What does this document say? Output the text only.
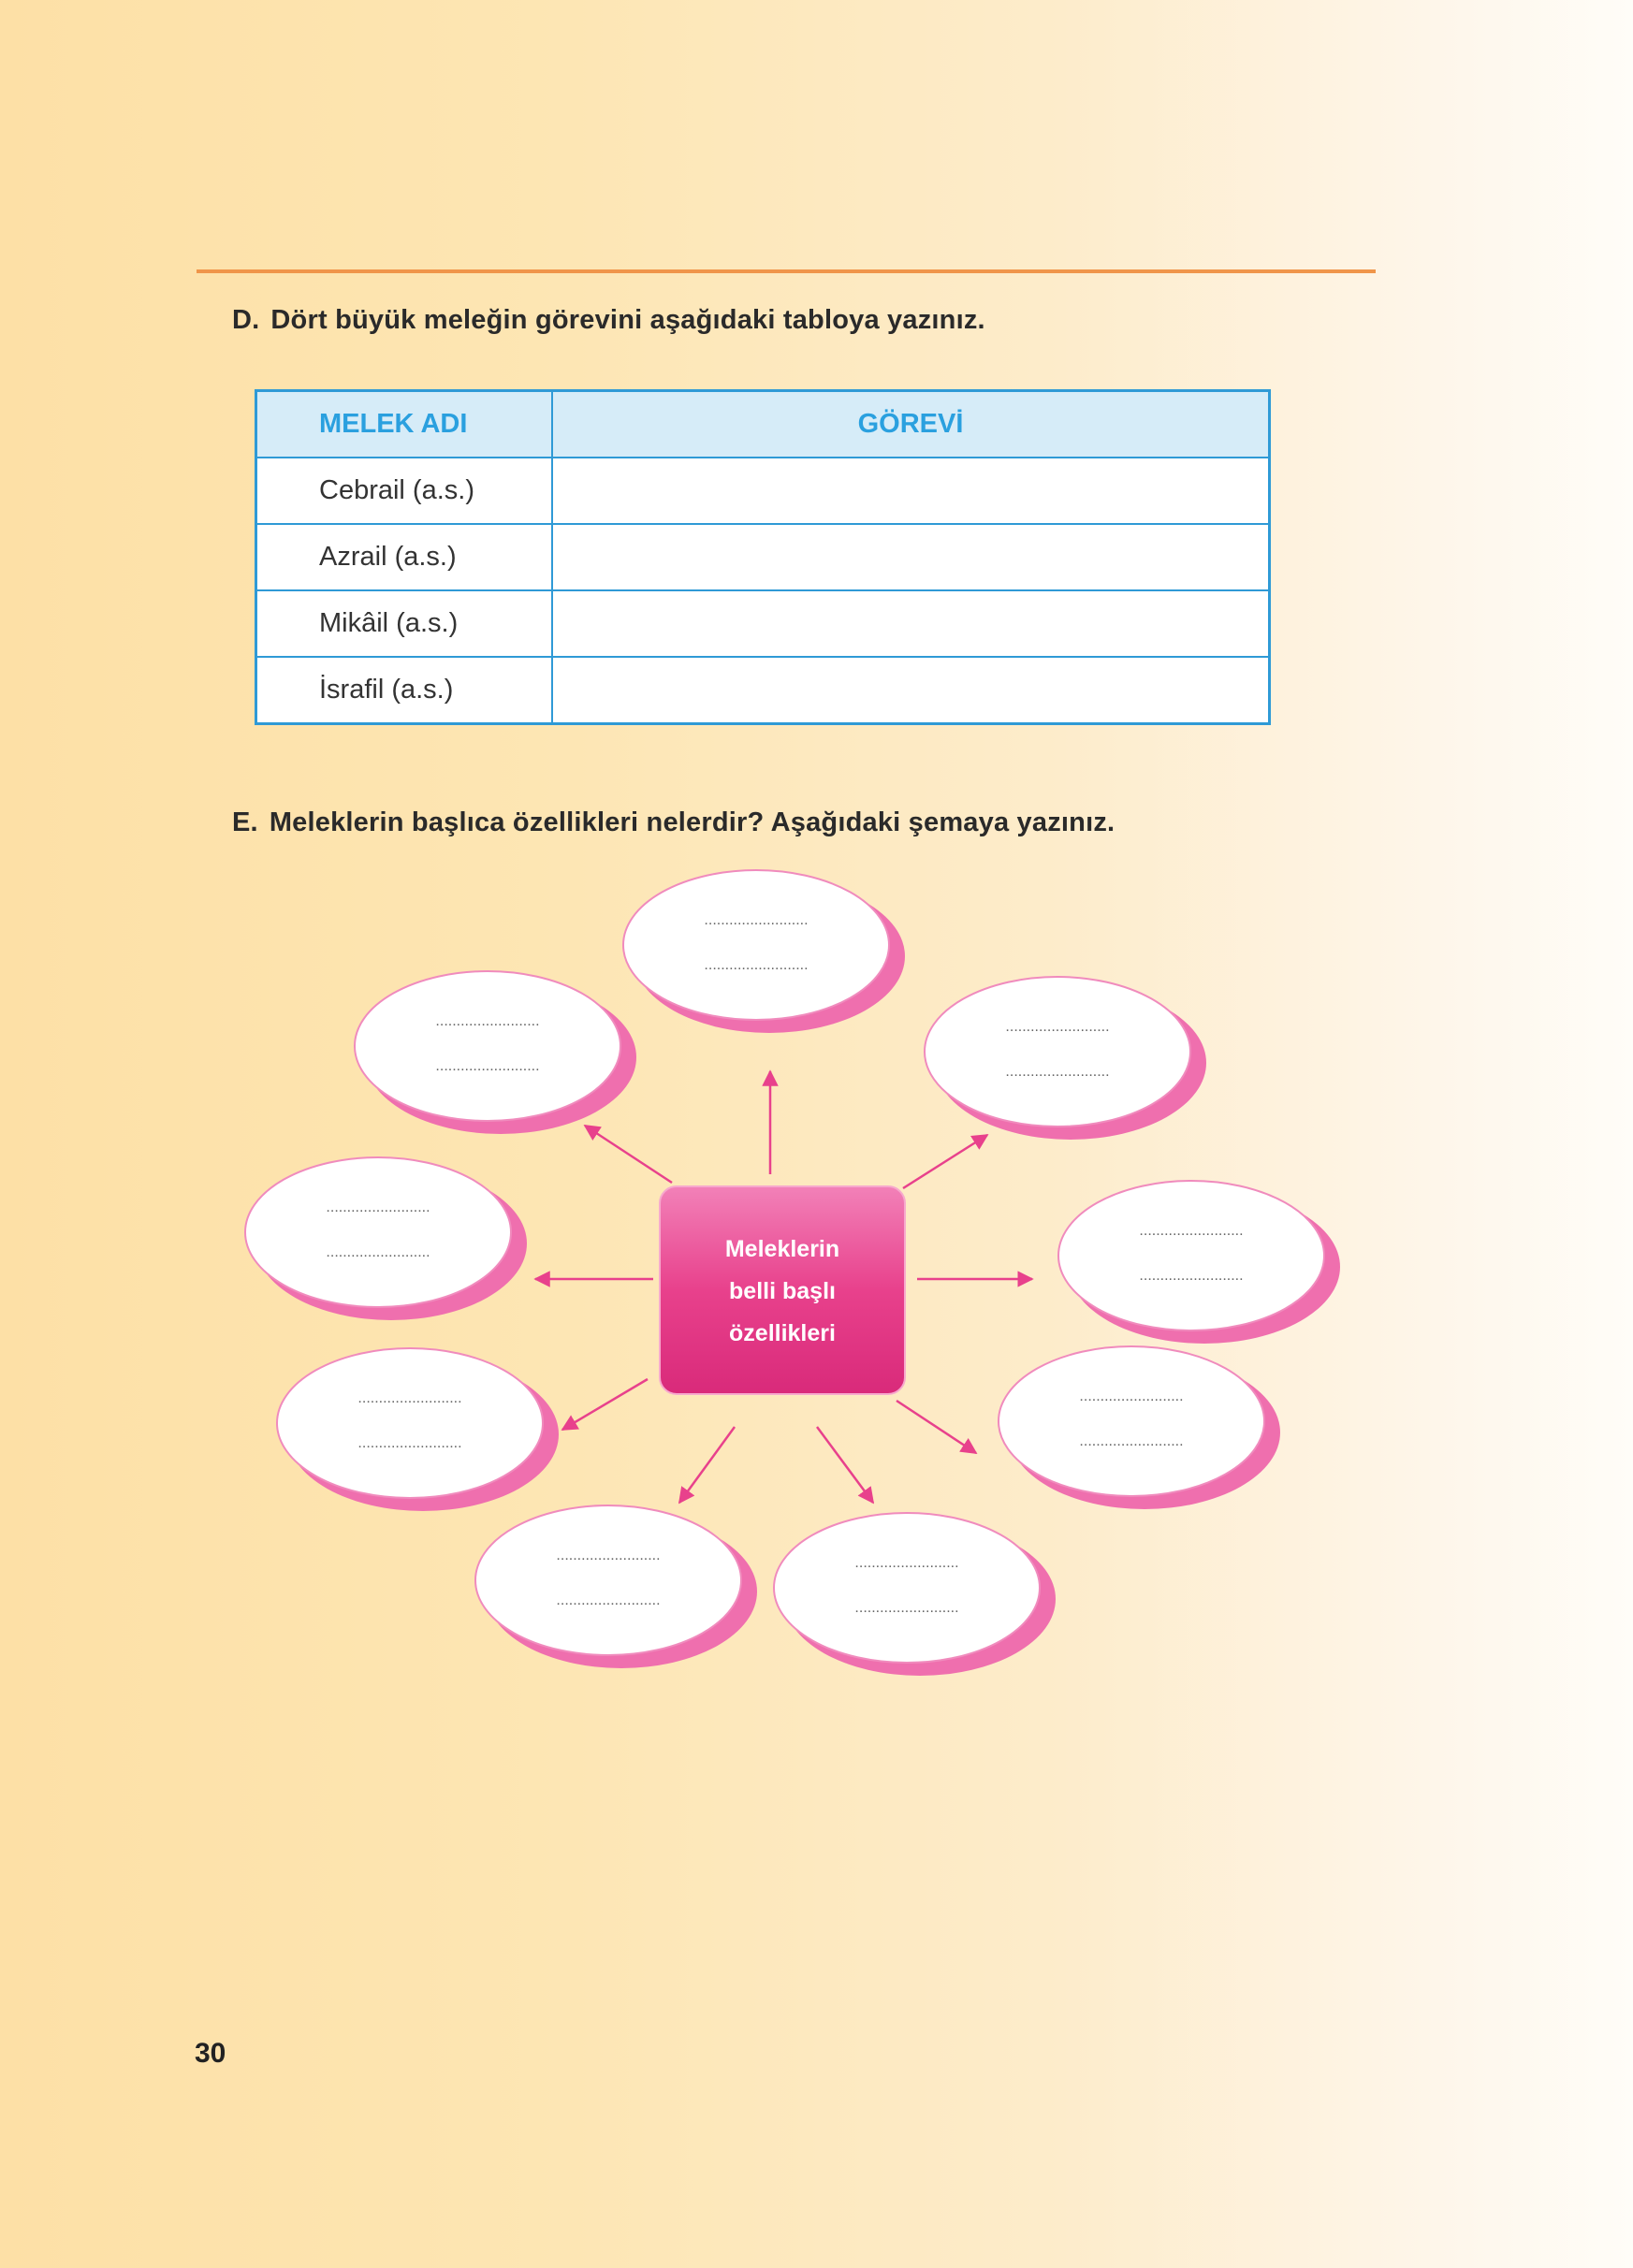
D. Dört büyük meleğin görevini aşağıdaki tabloya yazınız.

MELEK ADI	GÖREVİ
Cebrail (a.s.)	
Azrail (a.s.)	
Mikâil (a.s.)	
İsrafil (a.s.)	

E. Meleklerin başlıca özellikleri nelerdir? Aşağıdaki şemaya yazınız.

.........................
.........................
.........................
.........................
.........................
.........................
.........................
.........................
.........................
.........................
.........................
.........................
.........................
.........................
.........................
.........................
.........................
.........................
Meleklerin
belli başlı
özellikleri
30
